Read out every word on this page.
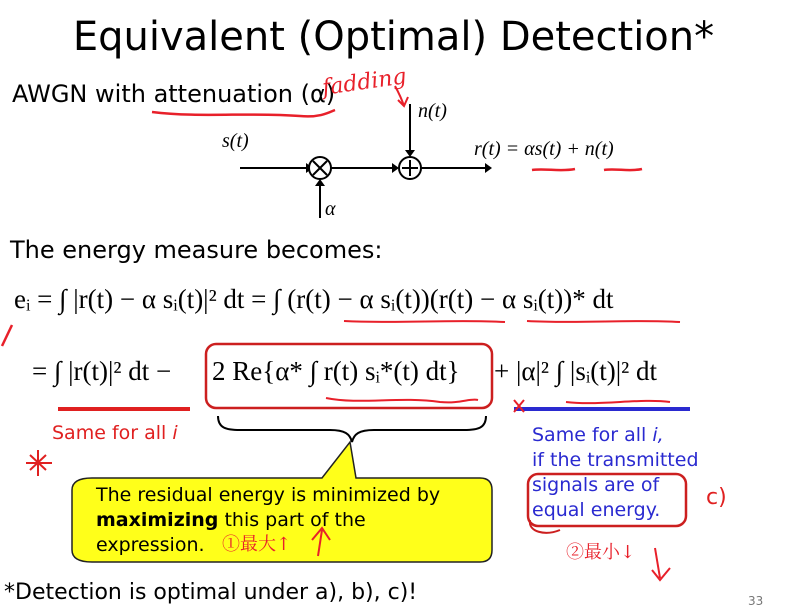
Equivalent (Optimal) Detection*
AWGN with attenuation (α)
fadding
s(t)
n(t)
α
r(t) = αs(t) + n(t)
The energy measure becomes:
eᵢ = ∫ |r(t) − α sᵢ(t)|² dt = ∫ (r(t) − α sᵢ(t))(r(t) − α sᵢ(t))* dt
= ∫ |r(t)|² dt − 2 Re{α* ∫ r(t) sᵢ*(t) dt} + |α|² ∫ |sᵢ(t)|² dt
Same for all i	Same for all i,
if the transmitted
signals are of
equal energy.
The residual energy is minimized by
maximizing this part of the
expression. ①最大↑
c)
②最小↓
*Detection is optimal under a), b), c)!	33
